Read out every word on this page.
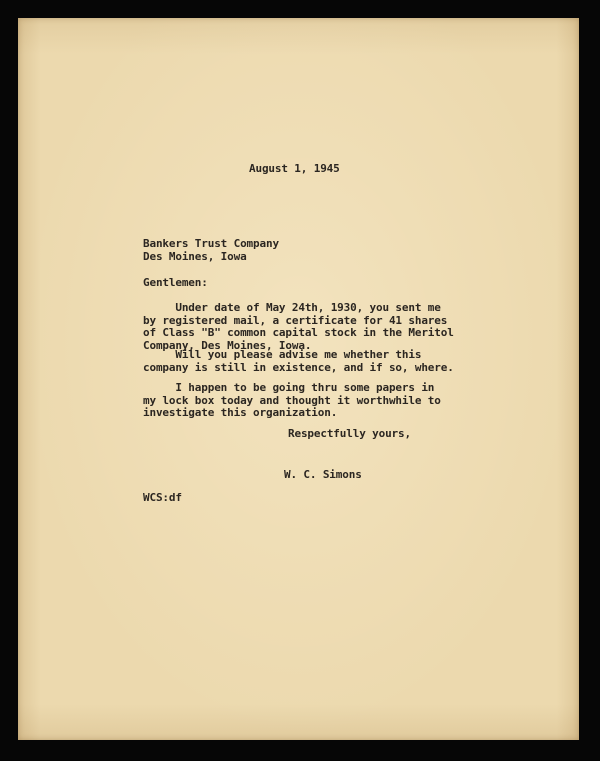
August 1, 1945

Bankers Trust Company

Des Moines, Iowa

Gentlemen:

Under date of May 24th, 1930, you sent me
by registered mail, a certificate for 41 shares
of Class "B" common capital stock in the Meritol
Company, Des Moines, Iowa.

Will you please advise me whether this
company is still in existence, and if so, where.

I happen to be going thru some papers in
my lock box today and thought it worthwhile to
investigate this organization.

Respectfully yours,

W. C. Simons

WCS:df
